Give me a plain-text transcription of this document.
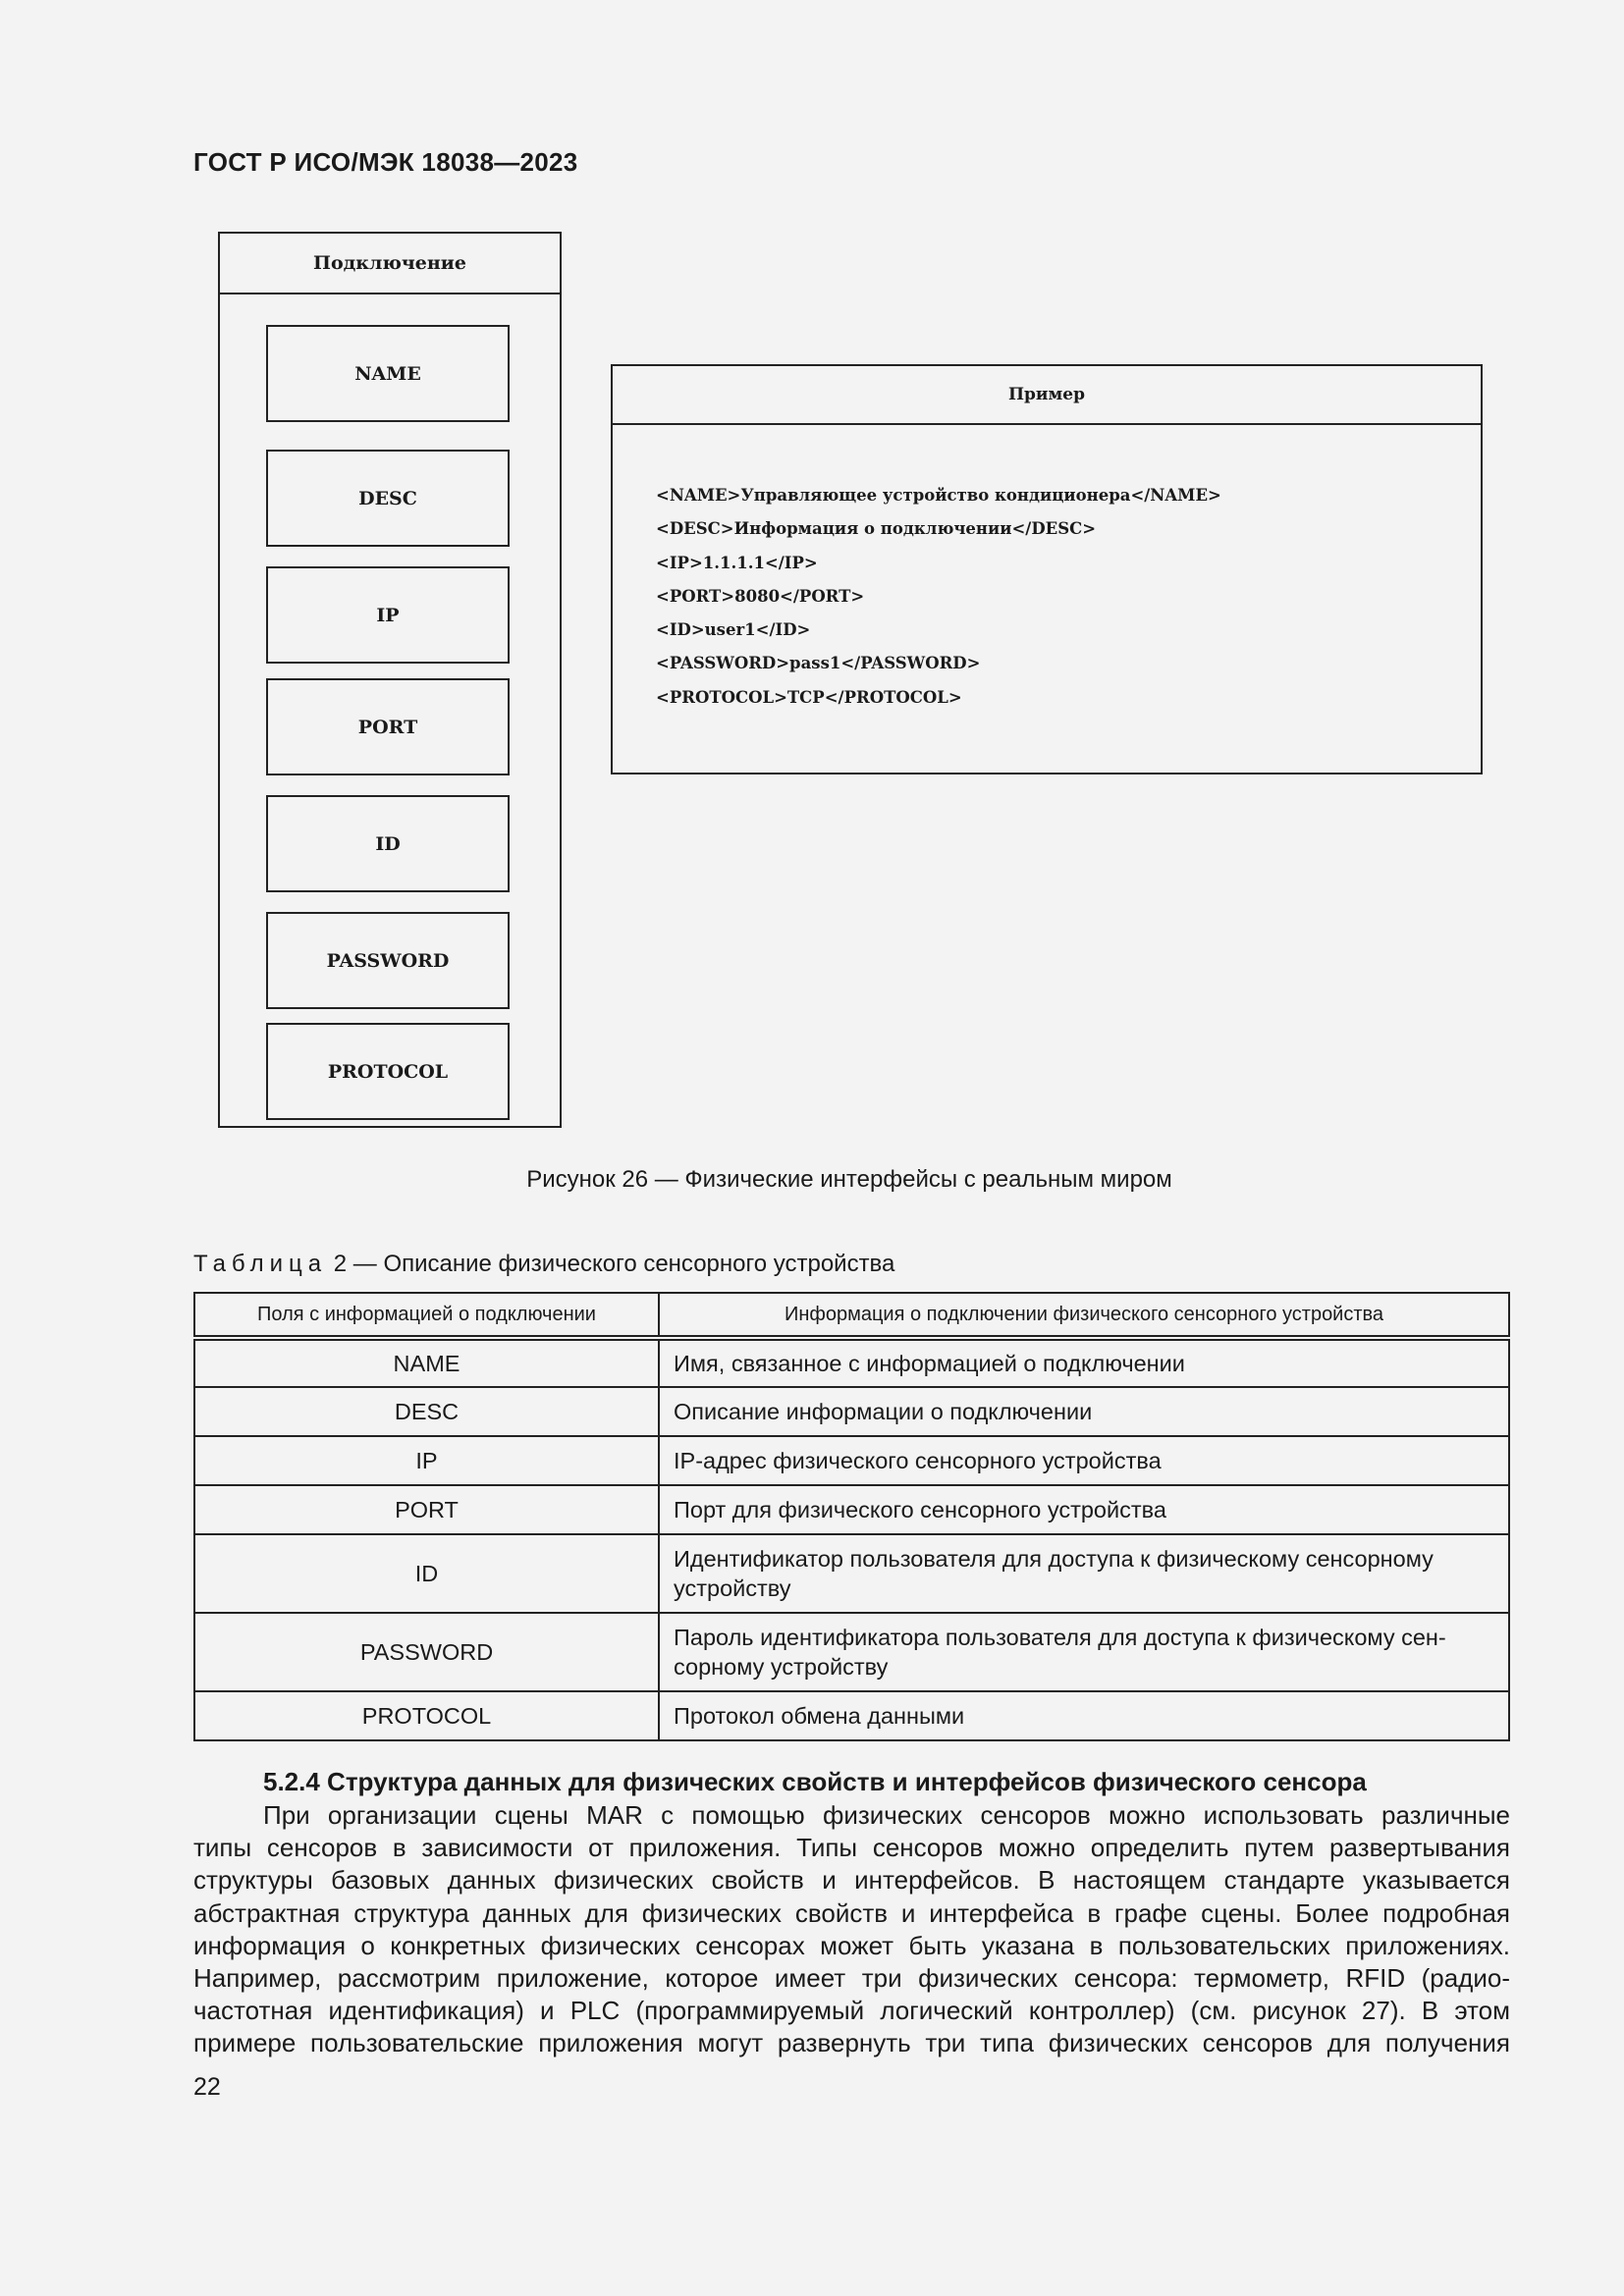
ГОСТ Р ИСО/МЭК 18038—2023
Подключение
NAME
DESC
IP
PORT
ID
PASSWORD
PROTOCOL
Пример
<NAME>Управляющее устройство кондиционера</NAME>
<DESC>Информация о подключении</DESC>
<IP>1.1.1.1</IP>
<PORT>8080</PORT>
<ID>user1</ID>
<PASSWORD>pass1</PASSWORD>
<PROTOCOL>TCP</PROTOCOL>
Рисунок 26 — Физические интерфейсы с реальным миром
Таблица 2 — Описание физического сенсорного устройства
Поля с информацией о подключении	Информация о подключении физического сенсорного устройства
NAME	Имя, связанное с информацией о подключении
DESC	Описание информации о подключении
IP	IP-адрес физического сенсорного устройства
PORT	Порт для физического сенсорного устройства
ID	Идентификатор пользователя для доступа к физическому сенсорному устройству
PASSWORD	Пароль идентификатора пользователя для доступа к физическому сен-сорному устройству
PROTOCOL	Протокол обмена данными
5.2.4 Структура данных для физических свойств и интерфейсов физического сенсора
При организации сцены MAR с помощью физических сенсоров можно использовать различные
типы сенсоров в зависимости от приложения. Типы сенсоров можно определить путем развертывания
структуры базовых данных физических свойств и интерфейсов. В настоящем стандарте указывается
абстрактная структура данных для физических свойств и интерфейса в графе сцены. Более подробная
информация о конкретных физических сенсорах может быть указана в пользовательских приложениях.
Например, рассмотрим приложение, которое имеет три физических сенсора: термометр, RFID (радио-
частотная идентификация) и PLC (программируемый логический контроллер) (см. рисунок 27). В этом
примере пользовательские приложения могут развернуть три типа физических сенсоров для получения
22
